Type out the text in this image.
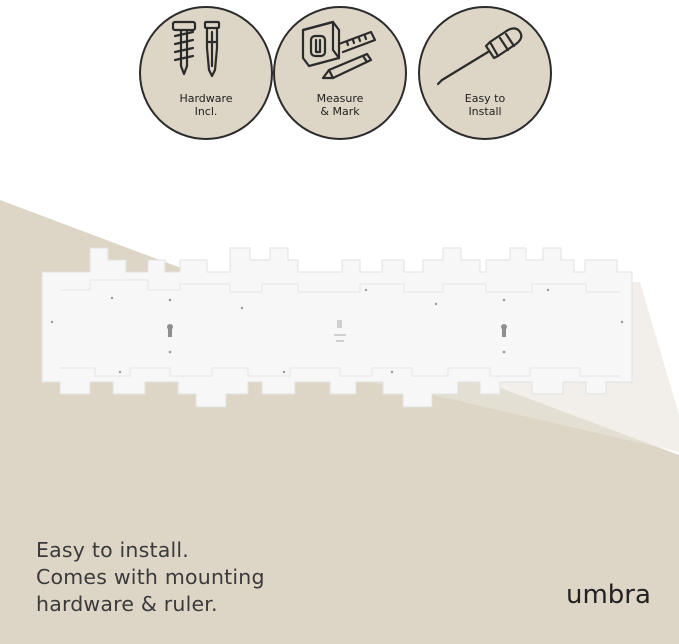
Hardware
Incl.
Measure
& Mark
Easy to
Install
Easy to install.
Comes with mounting
hardware & ruler.	umbra
